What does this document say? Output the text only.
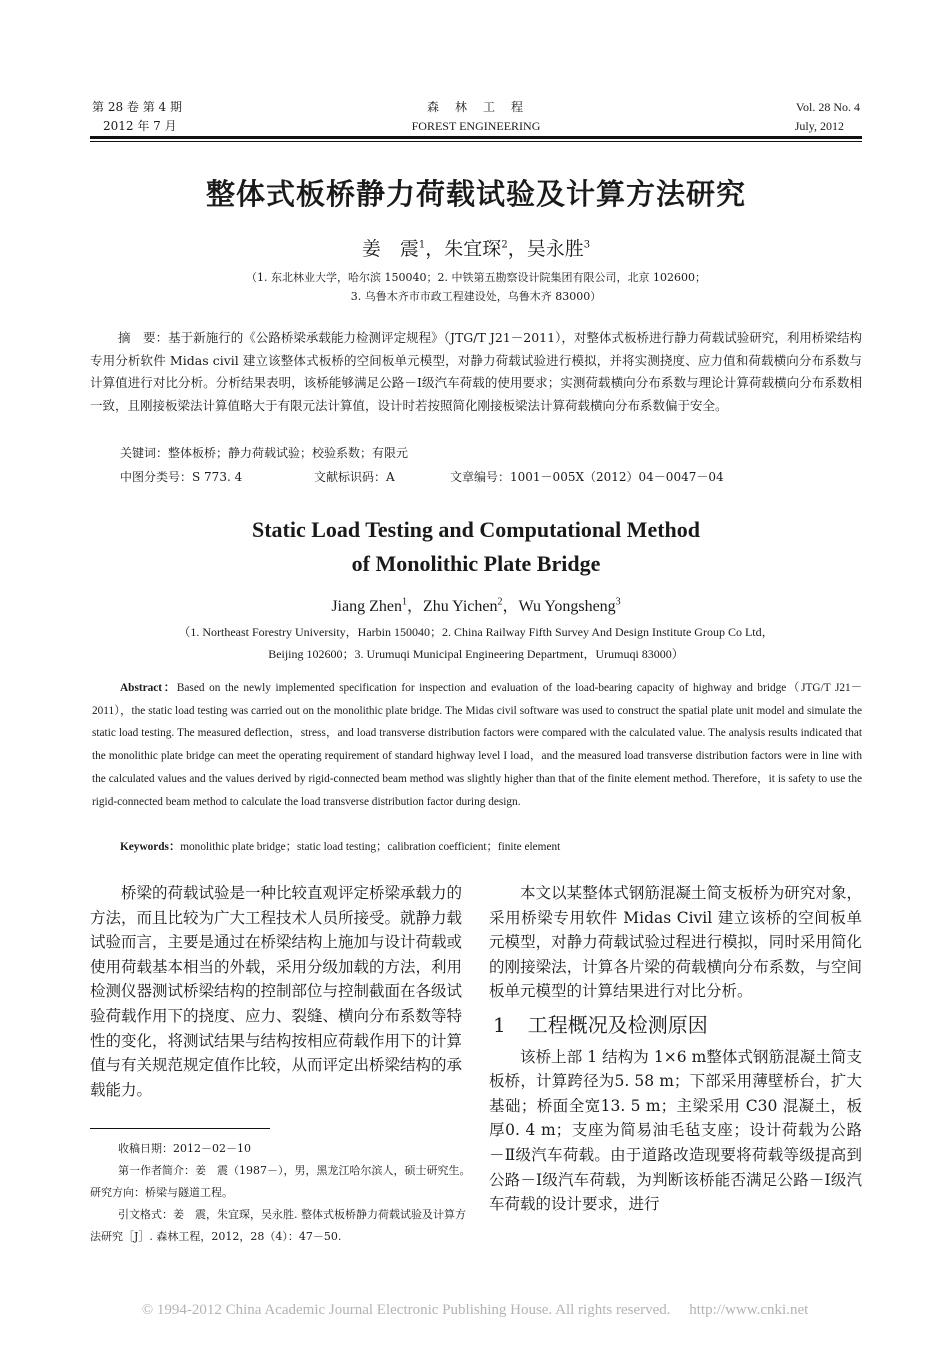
第 28 卷 第 4 期
2012 年 7 月
森　林　工　程
FOREST ENGINEERING
Vol. 28 No. 4
July, 2012
整体式板桥静力荷载试验及计算方法研究
姜　震$^1$，朱宜琛$^2$，吴永胜$^3$
（1. 东北林业大学，哈尔滨 150040；2. 中铁第五勘察设计院集团有限公司，北京 102600；
3. 乌鲁木齐市市政工程建设处，乌鲁木齐 83000）
摘　要：基于新施行的《公路桥梁承载能力检测评定规程》（JTG/T J21－2011），对整体式板桥进行静力荷载试验研究，利用桥梁结构专用分析软件 Midas civil 建立该整体式板桥的空间板单元模型，对静力荷载试验进行模拟，并将实测挠度、应力值和荷载横向分布系数与计算值进行对比分析。分析结果表明，该桥能够满足公路－Ⅰ级汽车荷载的使用要求；实测荷载横向分布系数与理论计算荷载横向分布系数相一致，且刚接板梁法计算值略大于有限元法计算值，设计时若按照简化刚接板梁法计算荷载横向分布系数偏于安全。
关键词：整体板桥；静力荷载试验；校验系数；有限元
中图分类号：S 773. 4	文献标识码：A	文章编号：1001－005X（2012）04－0047－04
Static Load Testing and Computational Method
of Monolithic Plate Bridge
Jiang Zhen$^1$，Zhu Yichen$^2$，Wu Yongsheng$^3$
（1. Northeast Forestry University，Harbin 150040；2. China Railway Fifth Survey And Design Institute Group Co Ltd，
Beijing 102600；3. Urumuqi Municipal Engineering Department，Urumuqi 83000）
Abstract：Based on the newly implemented specification for inspection and evaluation of the load-bearing capacity of highway and bridge（JTG/T J21－2011），the static load testing was carried out on the monolithic plate bridge. The Midas civil software was used to construct the spatial plate unit model and simulate the static load testing. The measured deflection，stress，and load transverse distribution factors were compared with the calculated value. The analysis results indicated that the monolithic plate bridge can meet the operating requirement of standard highway level I load，and the measured load transverse distribution factors were in line with the calculated values and the values derived by rigid-connected beam method was slightly higher than that of the finite element method. Therefore，it is safety to use the rigid-connected beam method to calculate the load transverse distribution factor during design.
Keywords：monolithic plate bridge；static load testing；calibration coefficient；finite element

桥梁的荷载试验是一种比较直观评定桥梁承载力的方法，而且比较为广大工程技术人员所接受。就静力载试验而言，主要是通过在桥梁结构上施加与设计荷载或使用荷载基本相当的外载，采用分级加载的方法，利用检测仪器测试桥梁结构的控制部位与控制截面在各级试验荷载作用下的挠度、应力、裂缝、横向分布系数等特性的变化，将测试结果与结构按相应荷载作用下的计算值与有关规范规定值作比较，从而评定出桥梁结构的承载能力。

收稿日期：2012－02－10
第一作者简介：姜　震（1987－），男，黑龙江哈尔滨人，硕士研究生。研究方向：桥梁与隧道工程。
引文格式：姜　震，朱宜琛，吴永胜. 整体式板桥静力荷载试验及计算方法研究［J］. 森林工程，2012，28（4）：47－50.

本文以某整体式钢筋混凝土简支板桥为研究对象，采用桥梁专用软件 Midas Civil 建立该桥的空间板单元模型，对静力荷载试验过程进行模拟，同时采用简化的刚接梁法，计算各片梁的荷载横向分布系数，与空间板单元模型的计算结果进行对比分析。

1 工程概况及检测原因

该桥上部 1 结构为 1×6 m整体式钢筋混凝土简支板桥，计算跨径为5. 58 m；下部采用薄壁桥台，扩大基础；桥面全宽13. 5 m；主梁采用 C30 混凝土，板厚0. 4 m；支座为简易油毛毡支座；设计荷载为公路－Ⅱ级汽车荷载。由于道路改造现要将荷载等级提高到公路－Ⅰ级汽车荷载，为判断该桥能否满足公路－Ⅰ级汽车荷载的设计要求，进行

© 1994-2012 China Academic Journal Electronic Publishing House. All rights reserved.　 http://www.cnki.net
